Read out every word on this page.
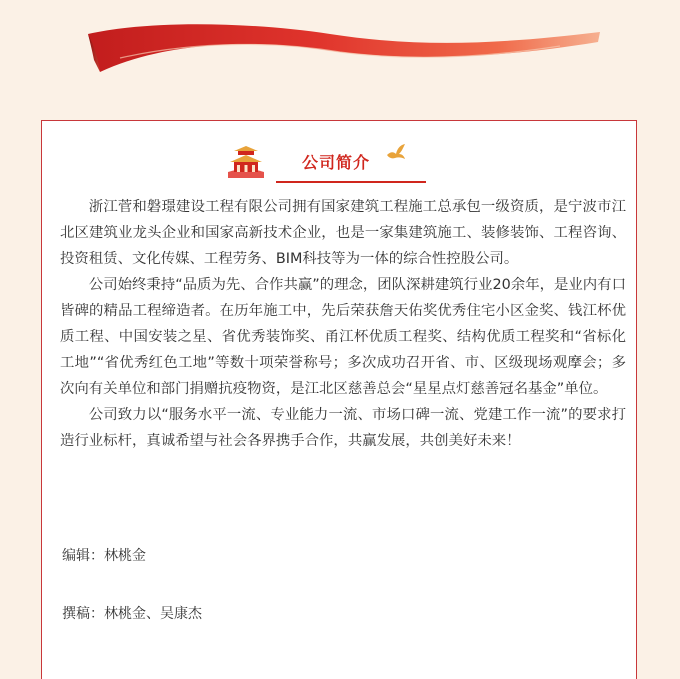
公司简介

浙江菅和磐璟建设工程有限公司拥有国家建筑工程施工总承包一级资质，是宁波市江北区建筑业龙头企业和国家高新技术企业，也是一家集建筑施工、装修装饰、工程咨询、投资租赁、文化传媒、工程劳务、BIM科技等为一体的综合性控股公司。

公司始终秉持“品质为先、合作共赢”的理念，团队深耕建筑行业20余年，是业内有口皆碑的精品工程缔造者。在历年施工中，先后荣获詹天佑奖优秀住宅小区金奖、钱江杯优质工程、中国安装之星、省优秀装饰奖、甬江杯优质工程奖、结构优质工程奖和“省标化工地”“省优秀红色工地”等数十项荣誉称号；多次成功召开省、市、区级现场观摩会；多次向有关单位和部门捐赠抗疫物资，是江北区慈善总会“星星点灯慈善冠名基金”单位。

公司致力以“服务水平一流、专业能力一流、市场口碑一流、党建工作一流”的要求打造行业标杆，真诚希望与社会各界携手合作，共赢发展，共创美好未来！

编辑：林桃金
撰稿：林桃金、吴康杰
